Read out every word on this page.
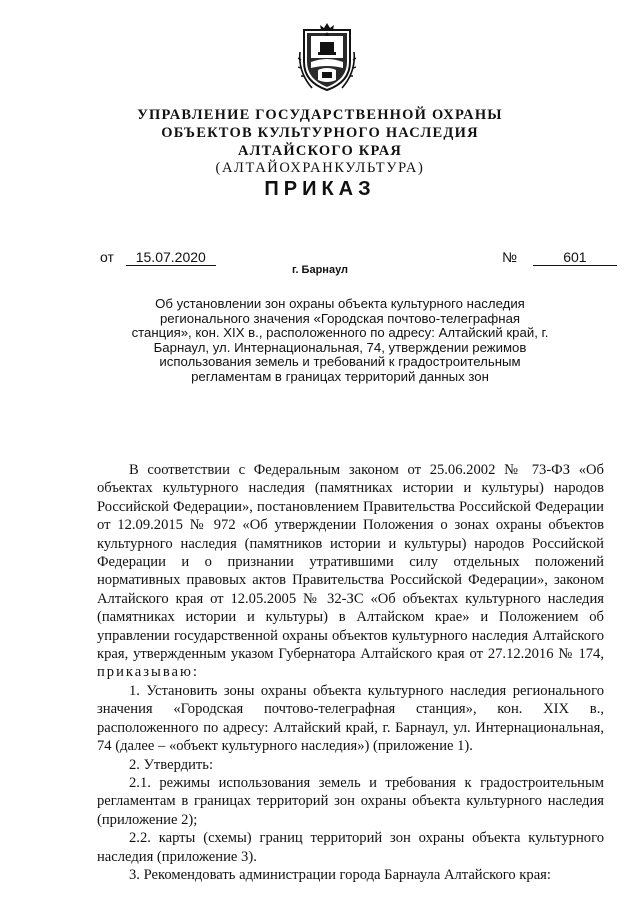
УПРАВЛЕНИЕ ГОСУДАРСТВЕННОЙ ОХРАНЫ
ОБЪЕКТОВ КУЛЬТУРНОГО НАСЛЕДИЯ
АЛТАЙСКОГО КРАЯ
(АЛТАЙОХРАНКУЛЬТУРА)
ПРИКАЗ
от 15.07.2020	№	601
г. Барнаул
Об установлении зон охраны объекта культурного наследия регионального значения «Городская почтово-телеграфная станция», кон. XIX в., расположенного по адресу: Алтайский край, г. Барнаул, ул. Интернациональная, 74, утверждении режимов использования земель и требований к градостроительным регламентам в границах территорий данных зон

В соответствии с Федеральным законом от 25.06.2002 № 73-ФЗ «Об объектах культурного наследия (памятниках истории и культуры) народов Российской Федерации», постановлением Правительства Российской Федерации от 12.09.2015 № 972 «Об утверждении Положения о зонах охраны объектов культурного наследия (памятников истории и культуры) народов Российской Федерации и о признании утратившими силу отдельных положений нормативных правовых актов Правительства Российской Федерации», законом Алтайского края от 12.05.2005 № 32-ЗС «Об объектах культурного наследия (памятниках истории и культуры) в Алтайском крае» и Положением об управлении государственной охраны объектов культурного наследия Алтайского края, утвержденным указом Губернатора Алтайского края от 27.12.2016 № 174, приказываю:

1. Установить зоны охраны объекта культурного наследия регионального значения «Городская почтово-телеграфная станция», кон. XIX в., расположенного по адресу: Алтайский край, г. Барнаул, ул. Интернациональная, 74 (далее – «объект культурного наследия») (приложение 1).

2. Утвердить:

2.1. режимы использования земель и требования к градостроительным регламентам в границах территорий зон охраны объекта культурного наследия (приложение 2);

2.2. карты (схемы) границ территорий зон охраны объекта культурного наследия (приложение 3).

3. Рекомендовать администрации города Барнаула Алтайского края:
